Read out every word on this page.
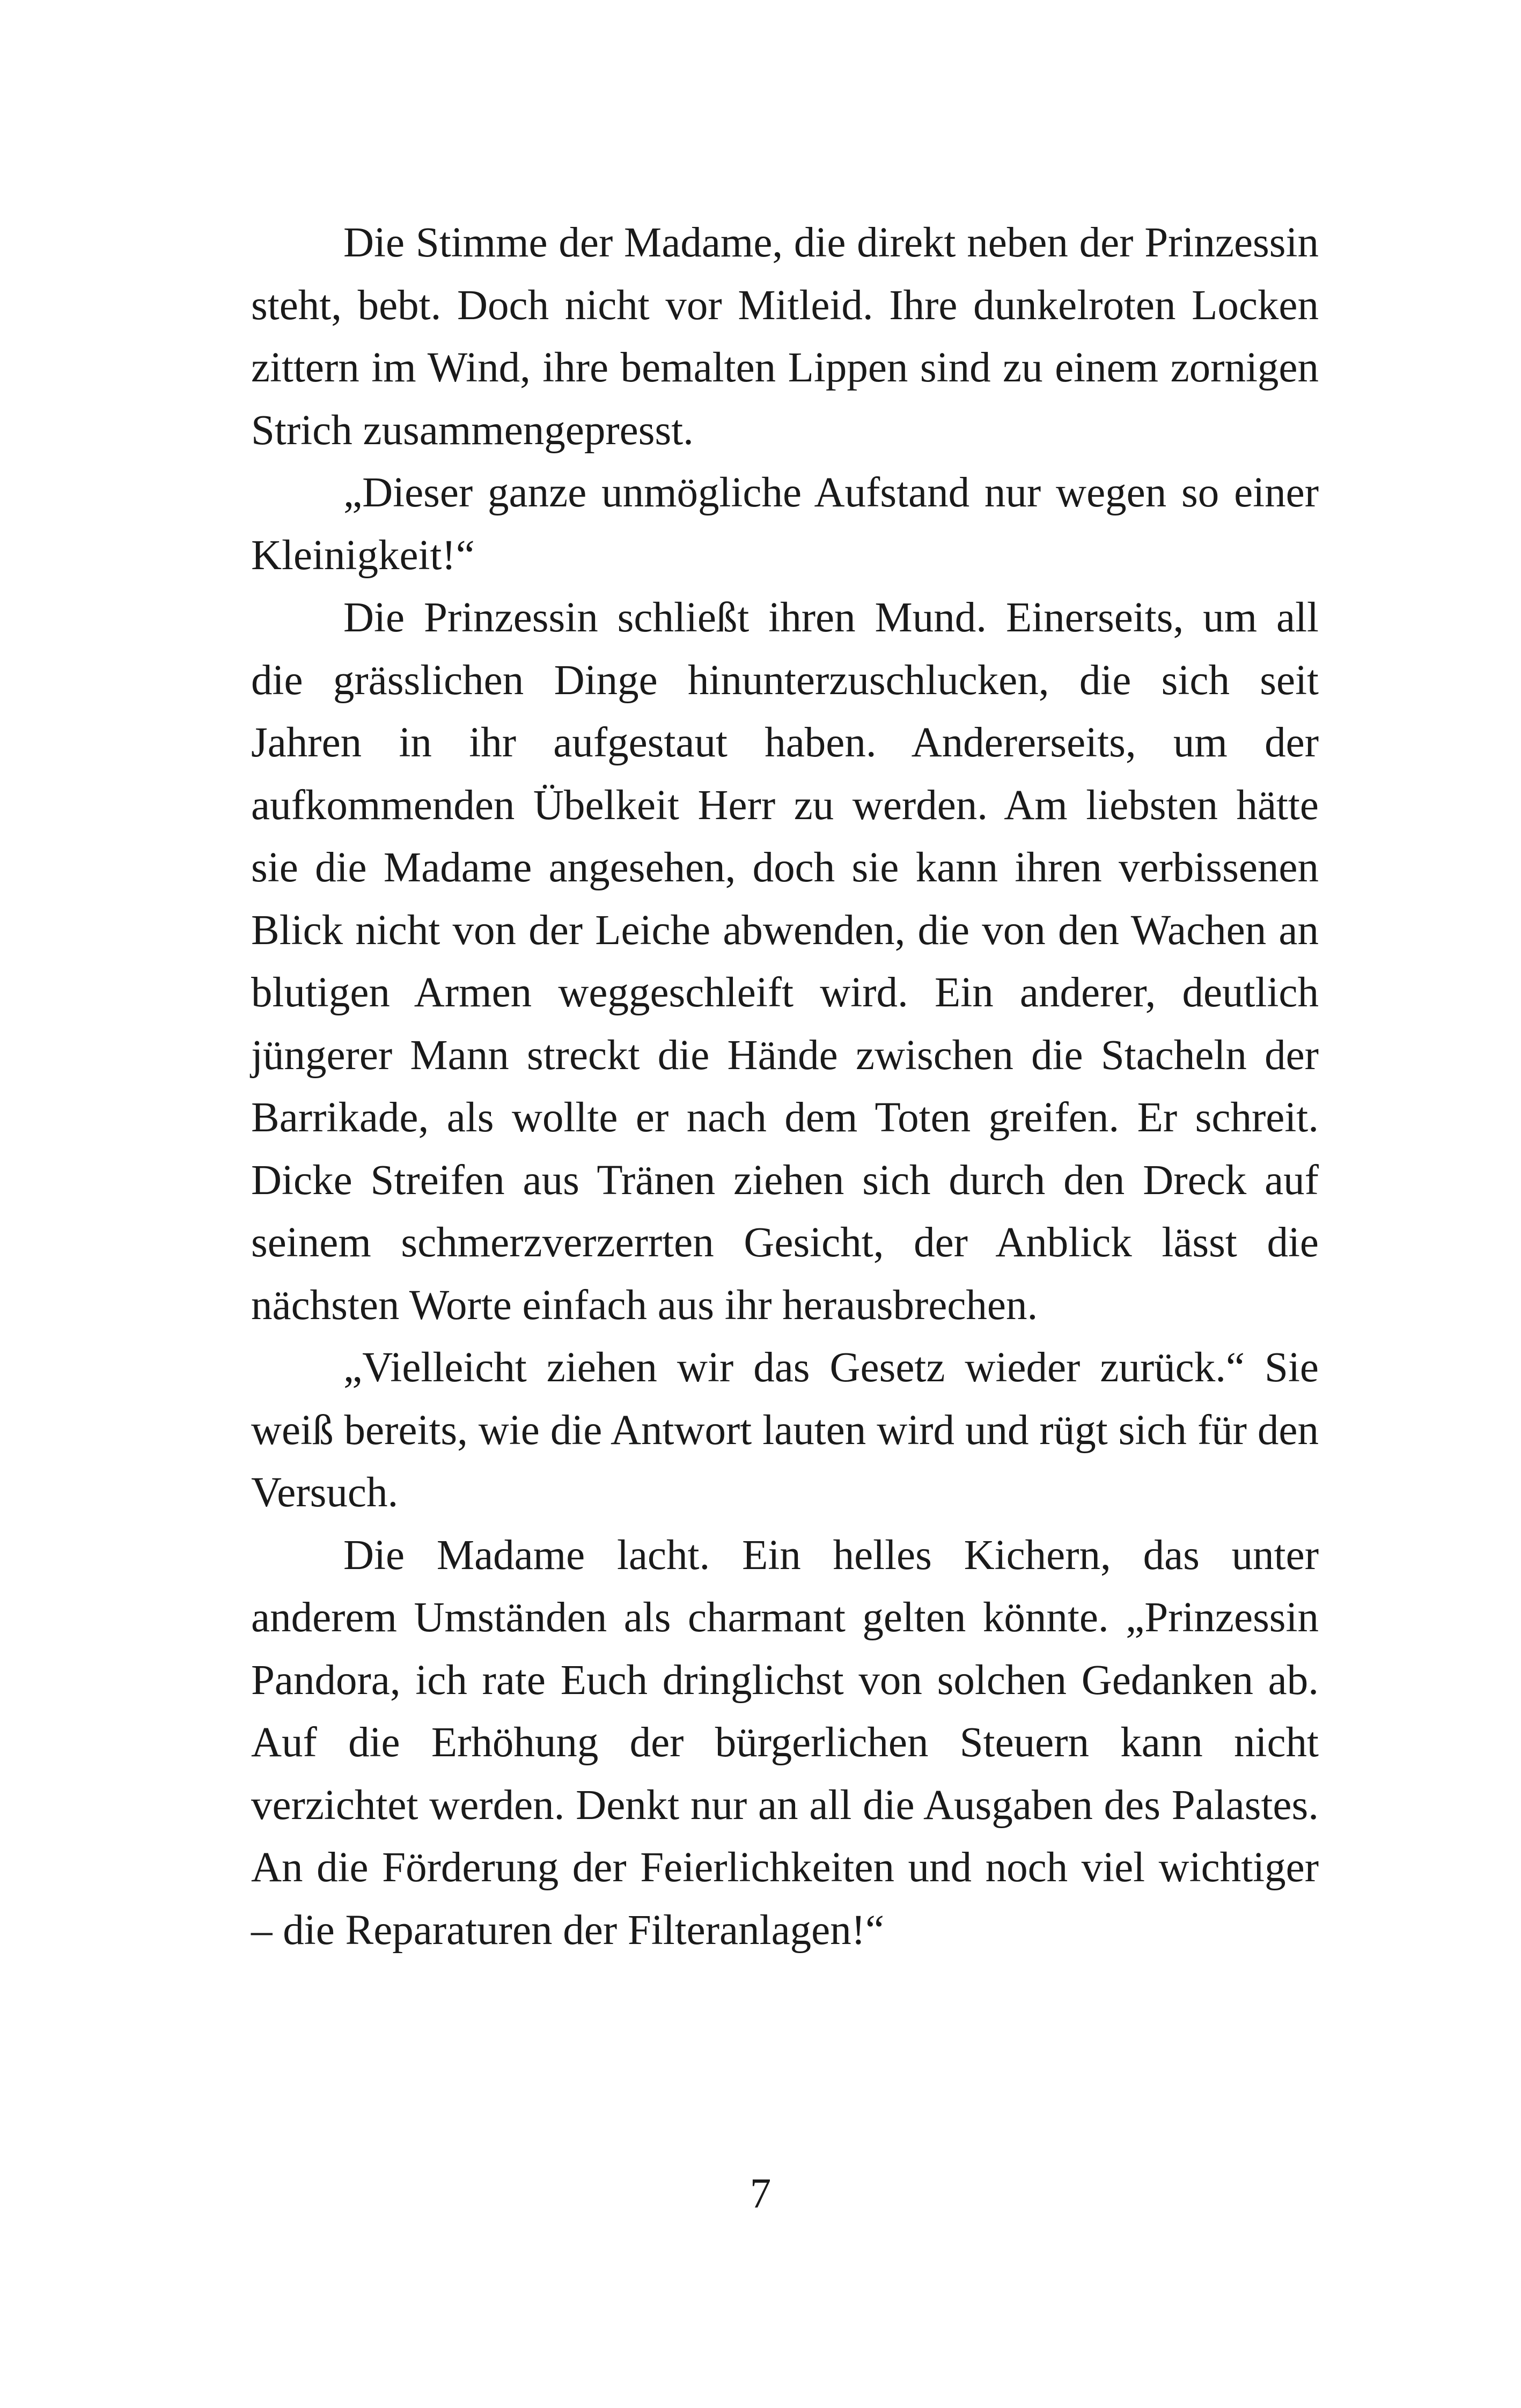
Die Stimme der Madame, die direkt neben der Prinzessin steht, bebt. Doch nicht vor Mitleid. Ihre dunkelroten Locken zittern im Wind, ihre bemalten Lippen sind zu einem zornigen Strich zusammengepresst.

„Dieser ganze unmögliche Aufstand nur wegen so einer Kleinigkeit!“

Die Prinzessin schließt ihren Mund. Einerseits, um all die grässlichen Dinge hinunterzuschlucken, die sich seit Jahren in ihr aufgestaut haben. Andererseits, um der aufkommenden Übelkeit Herr zu werden. Am liebsten hätte sie die Madame angesehen, doch sie kann ihren verbissenen Blick nicht von der Leiche abwenden, die von den Wachen an blutigen Armen weggeschleift wird. Ein anderer, deutlich jüngerer Mann streckt die Hände zwischen die Stacheln der Barrikade, als wollte er nach dem Toten greifen. Er schreit. Dicke Streifen aus Tränen ziehen sich durch den Dreck auf seinem schmerzverzerrten Gesicht, der Anblick lässt die nächsten Worte einfach aus ihr herausbrechen.

„Vielleicht ziehen wir das Gesetz wieder zurück.“ Sie weiß bereits, wie die Antwort lauten wird und rügt sich für den Versuch.

Die Madame lacht. Ein helles Kichern, das unter anderem Umständen als charmant gelten könnte. „Prinzessin Pandora, ich rate Euch dringlichst von solchen Gedanken ab. Auf die Erhöhung der bürgerlichen Steuern kann nicht verzichtet werden. Denkt nur an all die Ausgaben des Palastes. An die Förderung der Feierlichkeiten und noch viel wichtiger – die Reparaturen der Filteranlagen!“

7
